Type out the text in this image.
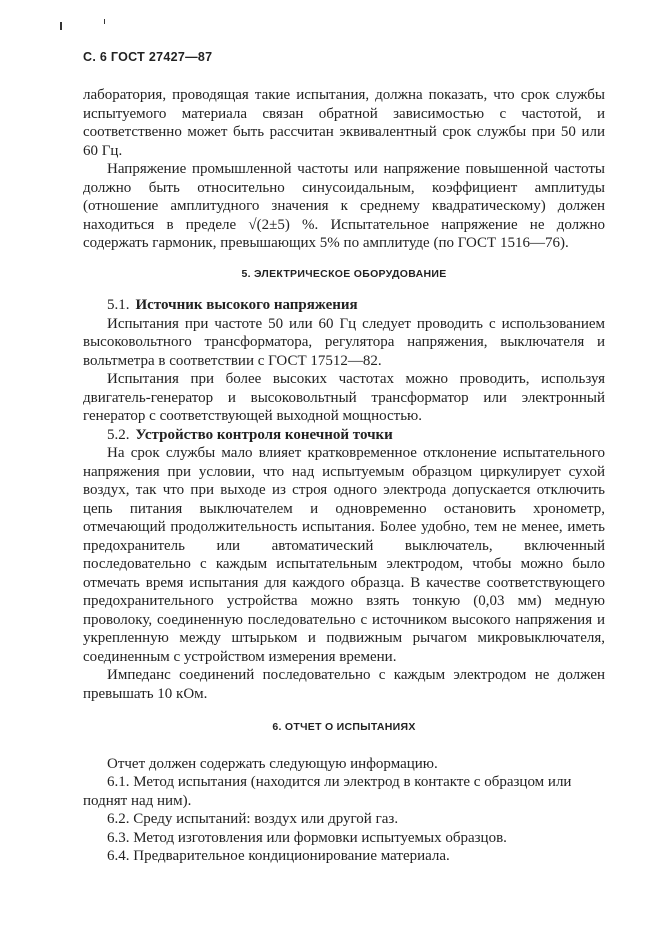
С. 6 ГОСТ 27427—87

лаборатория, проводящая такие испытания, должна показать, что срок службы испытуемого материала связан обратной зависимостью с частотой, и соответственно может быть рассчитан эквивалентный срок службы при 50 или 60 Гц.

Напряжение промышленной частоты или напряжение повышенной частоты должно быть относительно синусоидальным, коэффициент амплитуды (отношение амплитудного значения к среднему квадратическому) должен находиться в пределе √(2±5) %. Испытательное напряжение не должно содержать гармоник, превышающих 5% по амплитуде (по ГОСТ 1516—76).

5. ЭЛЕКТРИЧЕСКОЕ ОБОРУДОВАНИЕ

5.1. Источник высокого напряжения

Испытания при частоте 50 или 60 Гц следует проводить с использованием высоковольтного трансформатора, регулятора напряжения, выключателя и вольтметра в соответствии с ГОСТ 17512—82.

Испытания при более высоких частотах можно проводить, используя двигатель-генератор и высоковольтный трансформатор или электронный генератор с соответствующей выходной мощностью.

5.2. Устройство контроля конечной точки

На срок службы мало влияет кратковременное отклонение испытательного напряжения при условии, что над испытуемым образцом циркулирует сухой воздух, так что при выходе из строя одного электрода допускается отключить цепь питания выключателем и одновременно остановить хронометр, отмечающий продолжительность испытания. Более удобно, тем не менее, иметь предохранитель или автоматический выключатель, включенный последовательно с каждым испытательным электродом, чтобы можно было отмечать время испытания для каждого образца. В качестве соответствующего предохранительного устройства можно взять тонкую (0,03 мм) медную проволоку, соединенную последовательно с источником высокого напряжения и укрепленную между штырьком и подвижным рычагом микровыключателя, соединенным с устройством измерения времени.

Импеданс соединений последовательно с каждым электродом не должен превышать 10 кОм.

6. ОТЧЕТ О ИСПЫТАНИЯХ

Отчет должен содержать следующую информацию.

6.1. Метод испытания (находится ли электрод в контакте с образцом или поднят над ним).

6.2. Среду испытаний: воздух или другой газ.

6.3. Метод изготовления или формовки испытуемых образцов.

6.4. Предварительное кондиционирование материала.
